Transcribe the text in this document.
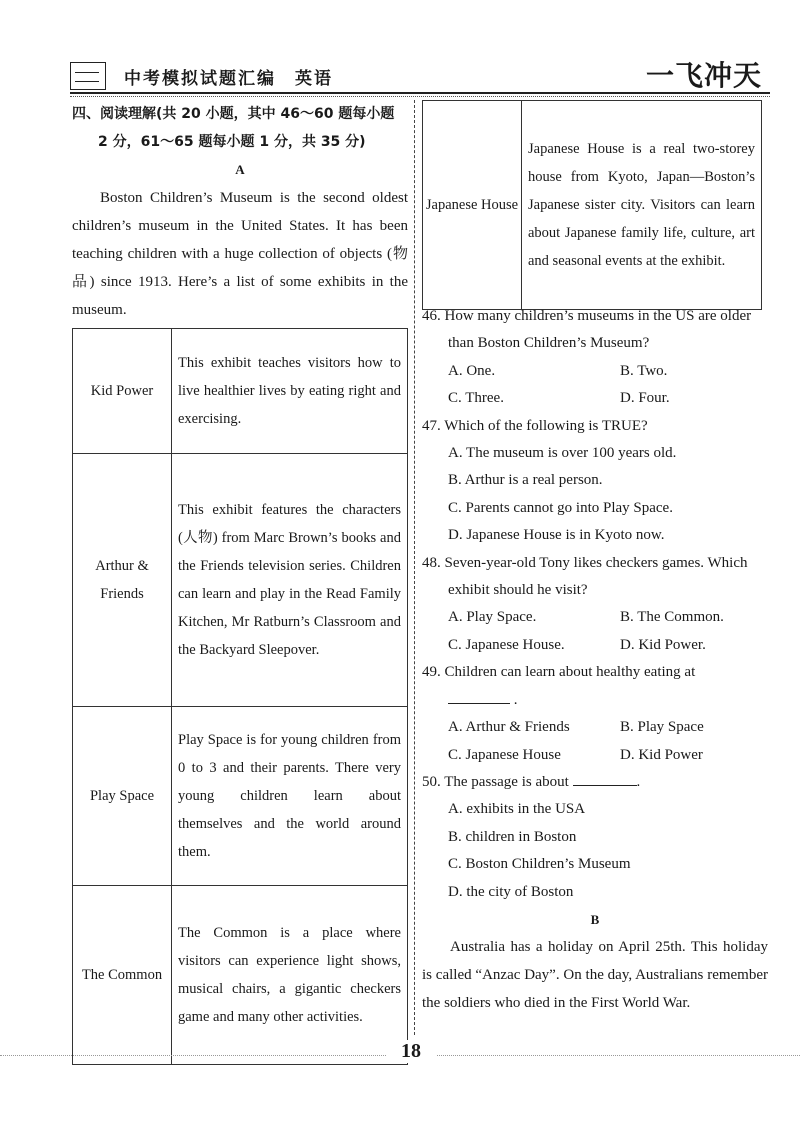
中考模拟试题汇编　英语	一飞冲天
四、阅读理解(共 20 小题，其中 46～60 题每小题
2 分，61～65 题每小题 1 分，共 35 分)

A

Boston Children’s Museum is the second oldest children’s museum in the United States. It has been teaching children with a huge collection of objects (物品) since 1913. Here’s a list of some exhibits in the museum.

Kid Power	This exhibit teaches visitors how to live healthier lives by eating right and exercising.
Arthur & Friends	This exhibit features the characters (人物) from Marc Brown’s books and the Friends television series. Children can learn and play in the Read Family Kitchen, Mr Ratburn’s Classroom and the Backyard Sleepover.
Play Space	Play Space is for young children from 0 to 3 and their parents. There very young children learn about themselves and the world around them.
The Common	The Common is a place where visitors can experience light shows, musical chairs, a gigantic checkers game and many other activities.
Japanese House	Japanese House is a real two-storey house from Kyoto, Japan—Boston’s Japanese sister city. Visitors can learn about Japanese family life, culture, art and seasonal events at the exhibit.
46. How many children’s museums in the US are older than Boston Children’s Museum?
A. One.	B. Two.
C. Three.	D. Four.
47. Which of the following is TRUE?
A. The museum is over 100 years old.
B. Arthur is a real person.
C. Parents cannot go into Play Space.
D. Japanese House is in Kyoto now.
48. Seven-year-old Tony likes checkers games. Which exhibit should he visit?
A. Play Space.	B. The Common.
C. Japanese House.	D. Kid Power.
49. Children can learn about healthy eating at
.
A. Arthur & Friends	B. Play Space
C. Japanese House	D. Kid Power
50. The passage is about	.
A. exhibits in the USA
B. children in Boston
C. Boston Children’s Museum
D. the city of Boston

B

Australia has a holiday on April 25th. This holiday is called “Anzac Day”. On the day, Australians remember the soldiers who died in the First World War.

18
